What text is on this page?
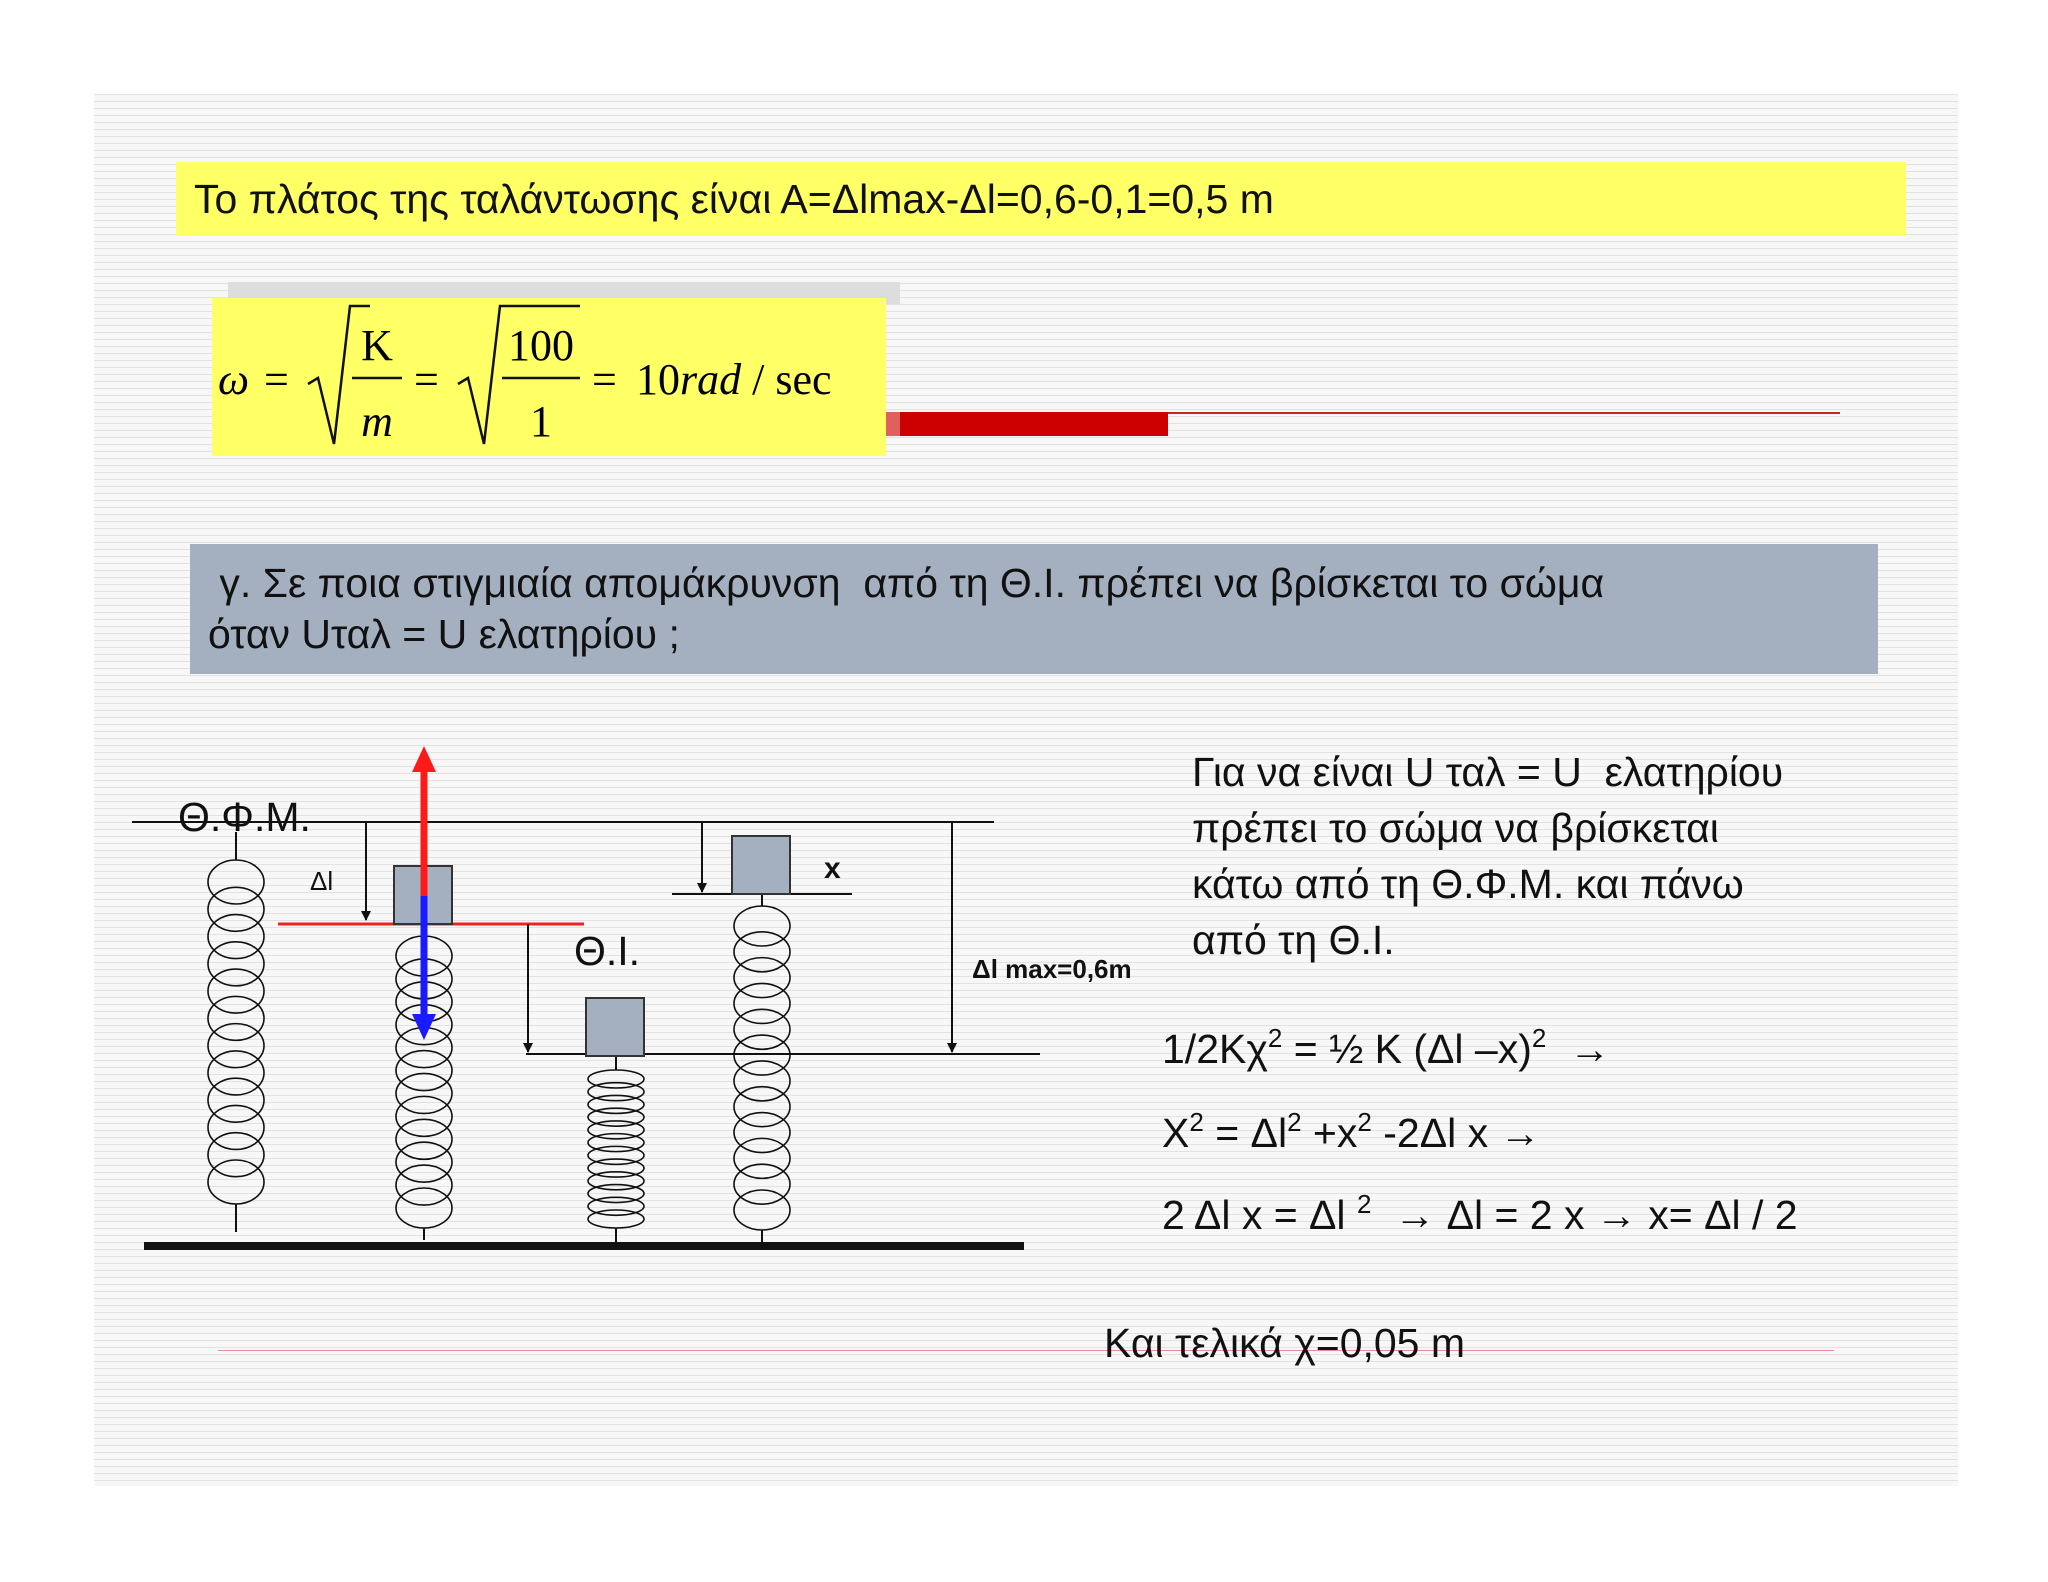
Το πλάτος της ταλάντωσης είναι Α=Δlmax-Δl=0,6-0,1=0,5 m
ω =
K
m
=
100
1
= 10rad / sec
γ. Σε ποια στιγμιαία απομάκρυνση  από τη Θ.Ι. πρέπει να βρίσκεται το σώμα
όταν Uταλ = U ελατηρίου ;
Θ.Φ.Μ.
Δl
Θ.Ι.
x
Δl max=0,6m
Για να είναι U ταλ = U  ελατηρίου
πρέπει το σώμα να βρίσκεται
κάτω από τη Θ.Φ.Μ. και πάνω
από τη Θ.Ι.
$1/2K\chi^2$ = ½ K (Δl –x)$^2$  →
$X^2 = \Delta l^2 +x^2$ -2Δl x →
2 Δl x = Δl $^2$  → Δl = 2 x → x= Δl / 2
Και τελικά χ=0,05 m
